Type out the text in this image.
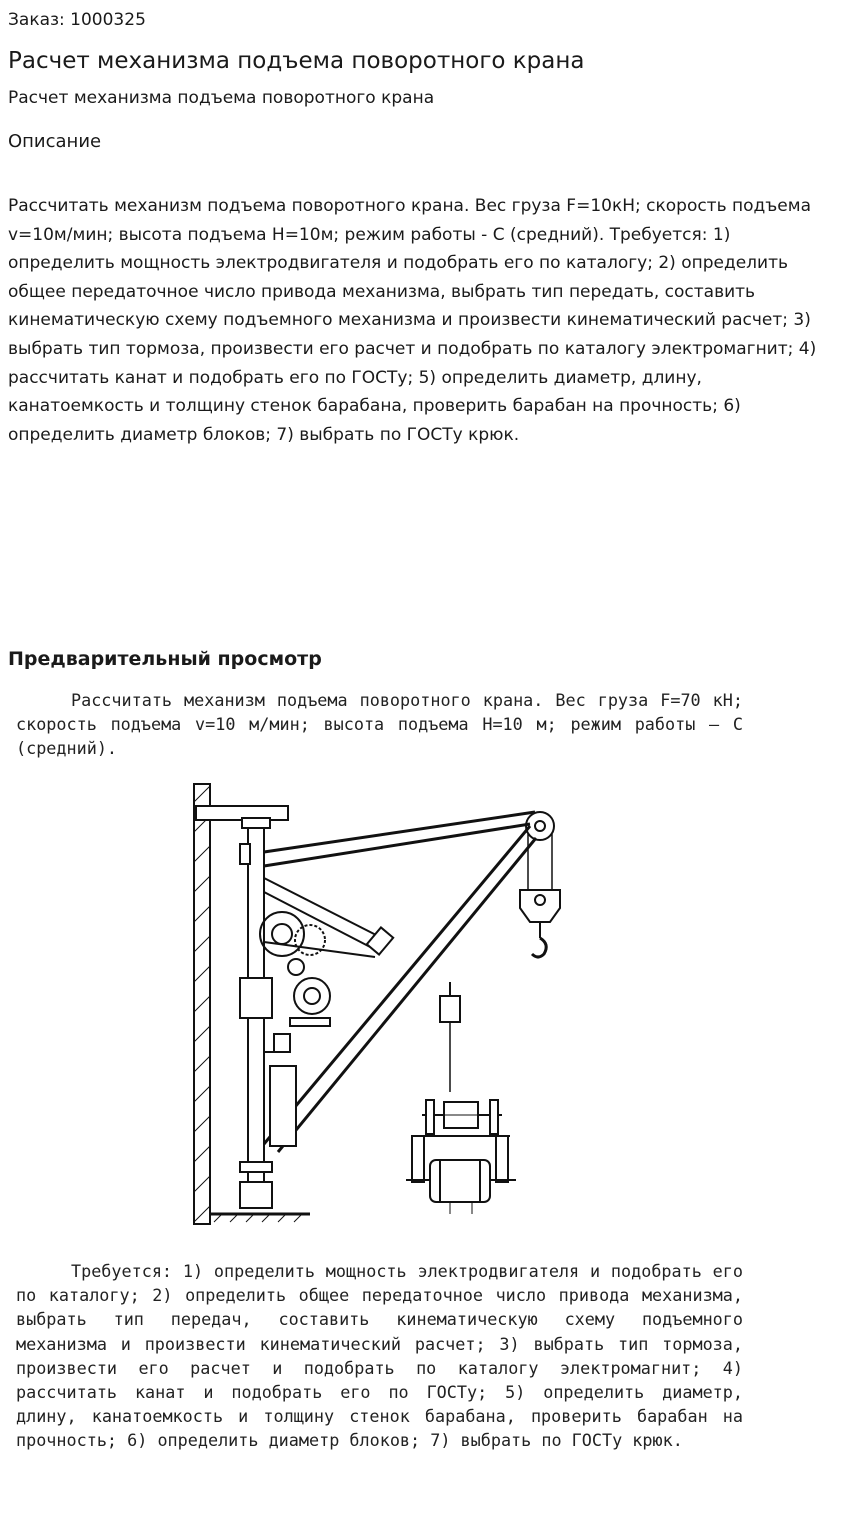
Заказ: 1000325
Расчет механизма подъема поворотного крана
Расчет механизма подъема поворотного крана
Описание

Рассчитать механизм подъема поворотного крана. Вес груза F=10кН; скорость подъема v=10м/мин; высота подъема H=10м; режим работы - С (средний). Требуется: 1) определить мощность электродвигателя и подобрать его по каталогу; 2) определить

общее передаточное число привода механизма, выбрать тип передать, составить кинематическую схему подъемного механизма и произвести кинематический расчет; 3) выбрать тип тормоза, произвести его расчет и подобрать по каталогу электромагнит; 4) рассчитать канат и подобрать его по ГОСТу; 5) определить диаметр, длину, канатоемкость и толщину стенок барабана, проверить барабан на прочность; 6) определить диаметр блоков; 7) выбрать по ГОСТу крюк.

Предварительный просмотр
Рассчитать механизм подъема поворотного крана. Вес груза F=70 кН; скорость подъема v=10 м/мин; высота подъема H=10 м; режим работы — С (средний).
Требуется: 1) определить мощность электродвигателя и подобрать его по каталогу; 2) определить общее передаточное число привода механизма, выбрать тип передач, составить кинематическую схему подъемного механизма и произвести кинематический расчет; 3) выбрать тип тормоза, произвести его расчет и подобрать по каталогу электромагнит; 4) рассчитать канат и подобрать его по ГОСТу; 5) определить диаметр, длину, канатоемкость и толщину стенок барабана, проверить барабан на прочность; 6) определить диаметр блоков; 7) выбрать по ГОСТу крюк.
